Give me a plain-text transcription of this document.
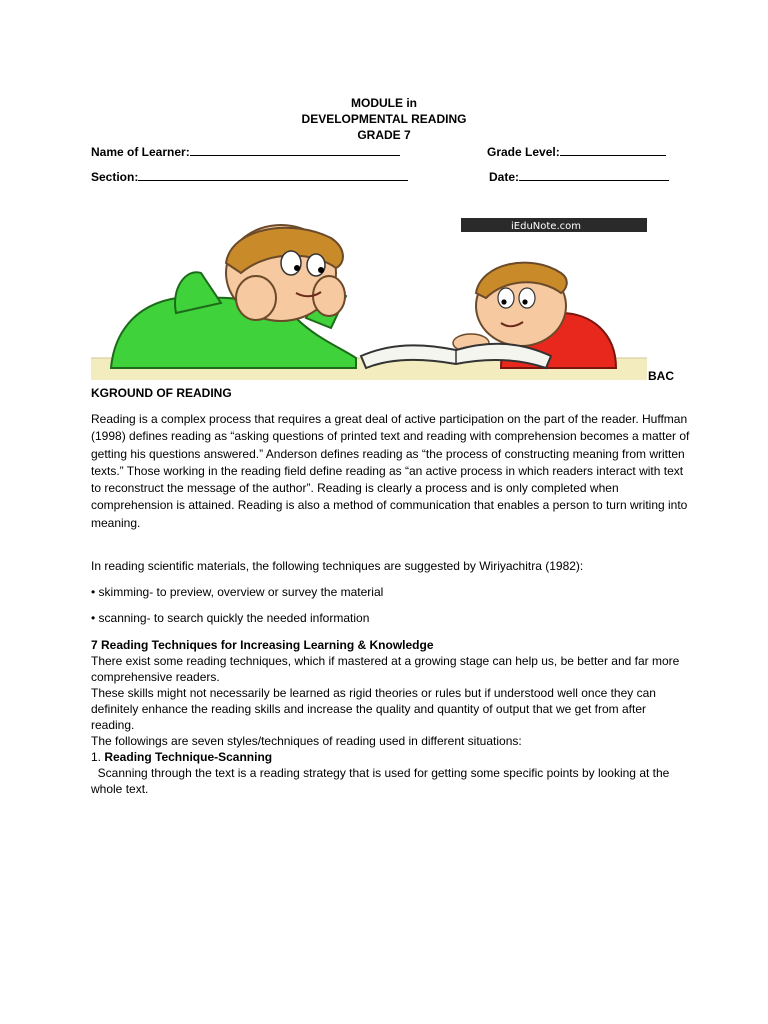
MODULE in
DEVELOPMENTAL READING
GRADE 7
Name of Learner:	Grade Level:
Section:	Date:
iEduNote.com
BAC
KGROUND OF READING
Reading is a complex process that requires a great deal of active participation on the part of the reader. Huffman (1998) defines reading as “asking questions of printed text and reading with comprehension becomes a matter of getting his questions answered.” Anderson defines reading as “the process of constructing meaning from written texts.” Those working in the reading field define reading as “an active process in which readers interact with text to reconstruct the message of the author”. Reading is clearly a process and is only completed when comprehension is attained. Reading is also a method of communication that enables a person to turn writing into meaning.
In reading scientific materials, the following techniques are suggested by Wiriyachitra (1982):
• skimming- to preview, overview or survey the material
• scanning- to search quickly the needed information

7 Reading Techniques for Increasing Learning & Knowledge

There exist some reading techniques, which if mastered at a growing stage can help us, be better and far more comprehensive readers.

These skills might not necessarily be learned as rigid theories or rules but if understood well once they can definitely enhance the reading skills and increase the quality and quantity of output that we get from after reading.

The followings are seven styles/techniques of reading used in different situations:

1. Reading Technique-Scanning

Scanning through the text is a reading strategy that is used for getting some specific points by looking at the whole text.
